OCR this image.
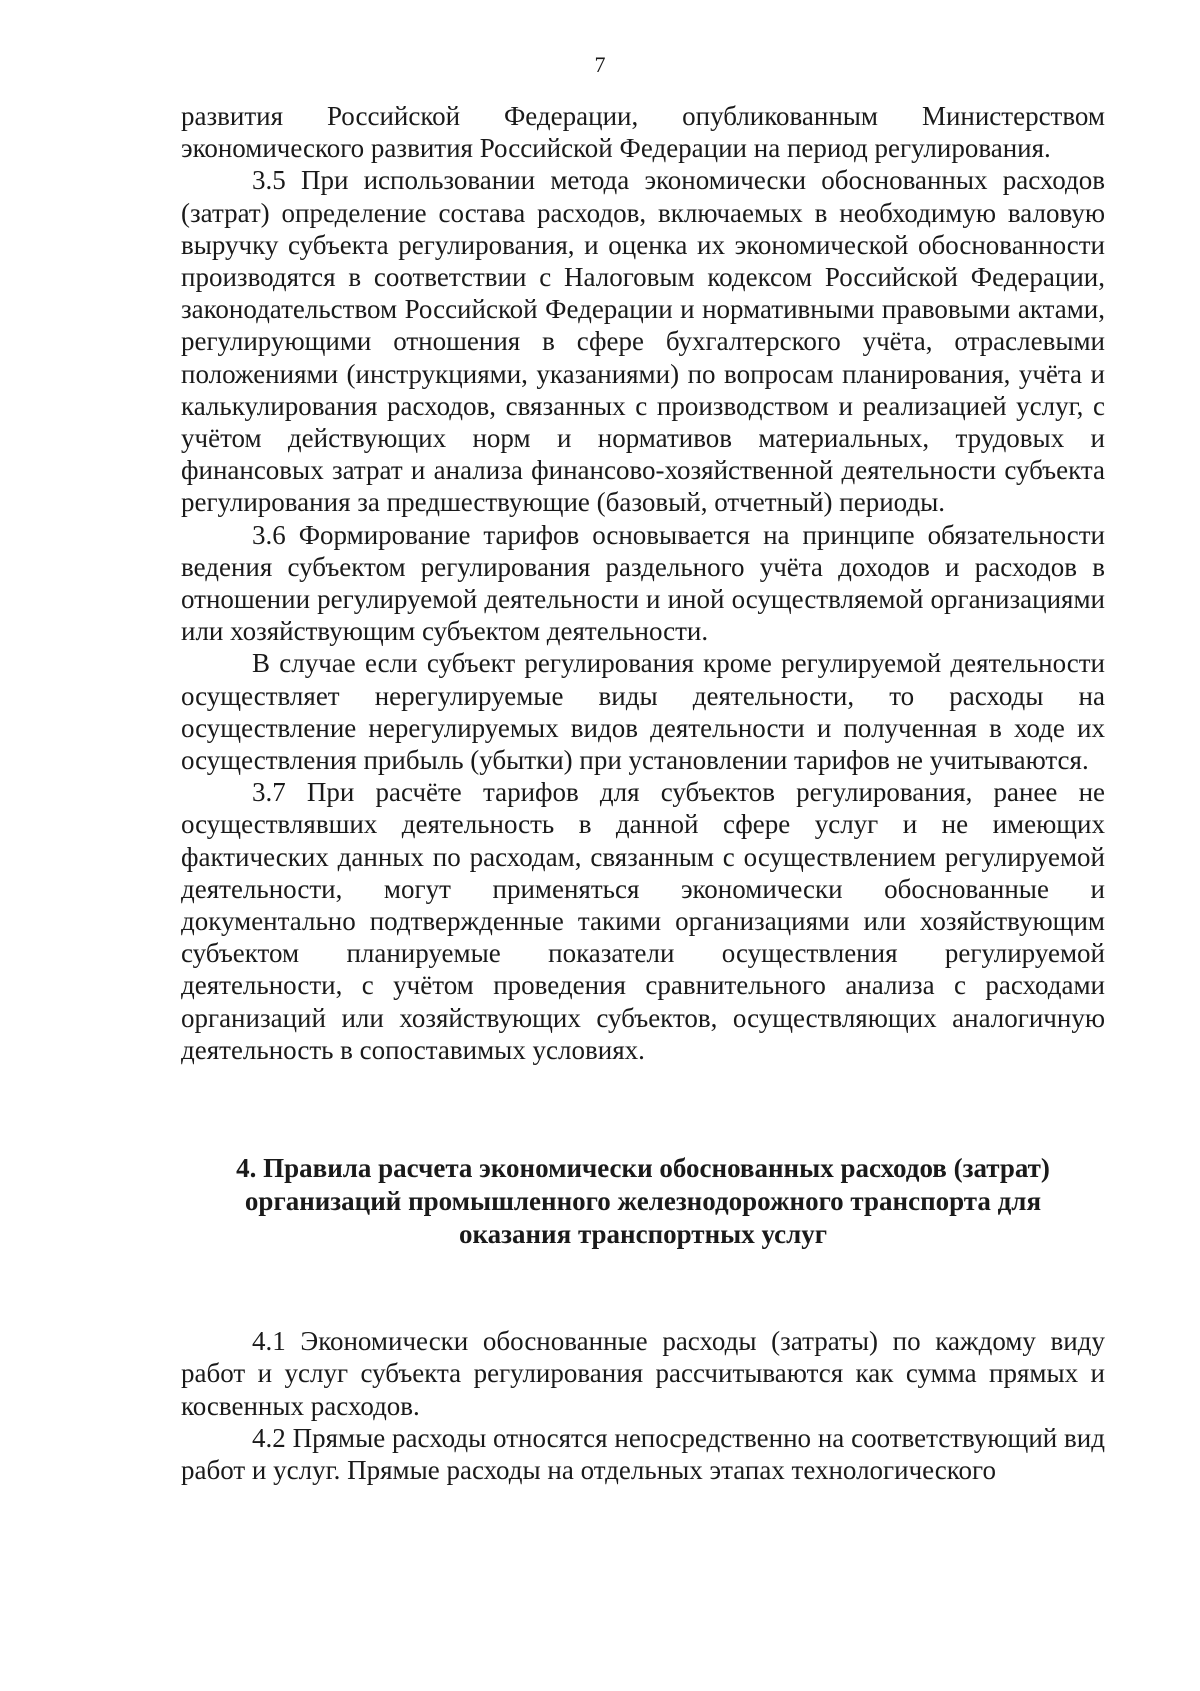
7

развития Российской Федерации, опубликованным Министерством экономического развития Российской Федерации на период регулирования.

3.5 При использовании метода экономически обоснованных расходов (затрат) определение состава расходов, включаемых в необходимую валовую выручку субъекта регулирования, и оценка их экономической обоснованности производятся в соответствии с Налоговым кодексом Российской Федерации, законодательством Российской Федерации и нормативными правовыми актами, регулирующими отношения в сфере бухгалтерского учёта, отраслевыми положениями (инструкциями, указаниями) по вопросам планирования, учёта и калькулирования расходов, связанных с производством и реализацией услуг, с учётом действующих норм и нормативов материальных, трудовых и финансовых затрат и анализа финансово-хозяйственной деятельности субъекта регулирования за предшествующие (базовый, отчетный) периоды.

3.6 Формирование тарифов основывается на принципе обязательности ведения субъектом регулирования раздельного учёта доходов и расходов в отношении регулируемой деятельности и иной осуществляемой организациями или хозяйствующим субъектом деятельности.

В случае если субъект регулирования кроме регулируемой деятельности осуществляет нерегулируемые виды деятельности, то расходы на осуществление нерегулируемых видов деятельности и полученная в ходе их осуществления прибыль (убытки) при установлении тарифов не учитываются.

3.7 При расчёте тарифов для субъектов регулирования, ранее не осуществлявших деятельность в данной сфере услуг и не имеющих фактических данных по расходам, связанным с осуществлением регулируемой деятельности, могут применяться экономически обоснованные и документально подтвержденные такими организациями или хозяйствующим субъектом планируемые показатели осуществления регулируемой деятельности, с учётом проведения сравнительного анализа с расходами организаций или хозяйствующих субъектов, осуществляющих аналогичную деятельность в сопоставимых условиях.

4. Правила расчета экономически обоснованных расходов (затрат)

организаций промышленного железнодорожного транспорта для

оказания транспортных услуг

4.1 Экономически обоснованные расходы (затраты) по каждому виду работ и услуг субъекта регулирования рассчитываются как сумма прямых и косвенных расходов.

4.2 Прямые расходы относятся непосредственно на соответствующий вид работ и услуг. Прямые расходы на отдельных этапах технологического
